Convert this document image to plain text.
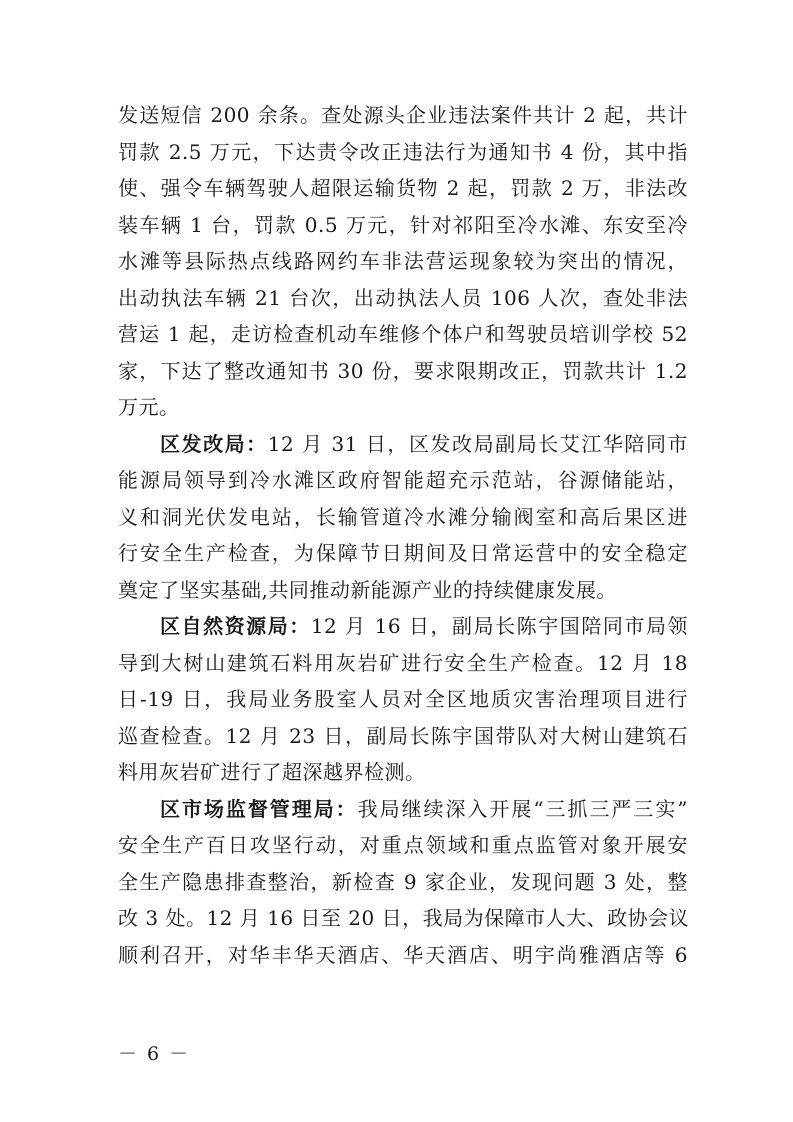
发送短信 200 余条。查处源头企业违法案件共计 2 起，共计
罚款 2.5 万元，下达责令改正违法行为通知书 4 份，其中指
使、强令车辆驾驶人超限运输货物 2 起，罚款 2 万，非法改
装车辆 1 台，罚款 0.5 万元，针对祁阳至冷水滩、东安至冷
水滩等县际热点线路网约车非法营运现象较为突出的情况，
出动执法车辆 21 台次，出动执法人员 106 人次，查处非法
营运 1 起，走访检查机动车维修个体户和驾驶员培训学校 52
家，下达了整改通知书 30 份，要求限期改正，罚款共计 1.2
万元。
区发改局：12 月 31 日，区发改局副局长艾江华陪同市
能源局领导到冷水滩区政府智能超充示范站，谷源储能站，
义和洞光伏发电站，长输管道冷水滩分输阀室和高后果区进
行安全生产检查，为保障节日期间及日常运营中的安全稳定
奠定了坚实基础,共同推动新能源产业的持续健康发展。
区自然资源局：12 月 16 日，副局长陈宇国陪同市局领
导到大树山建筑石料用灰岩矿进行安全生产检查。12 月 18
日-19 日，我局业务股室人员对全区地质灾害治理项目进行
巡查检查。12 月 23 日，副局长陈宇国带队对大树山建筑石
料用灰岩矿进行了超深越界检测。
区市场监督管理局：我局继续深入开展“三抓三严三实”
安全生产百日攻坚行动，对重点领域和重点监管对象开展安
全生产隐患排查整治，新检查 9 家企业，发现问题 3 处，整
改 3 处。12 月 16 日至 20 日，我局为保障市人大、政协会议
顺利召开，对华丰华天酒店、华天酒店、明宇尚雅酒店等 6
－ 6 －
